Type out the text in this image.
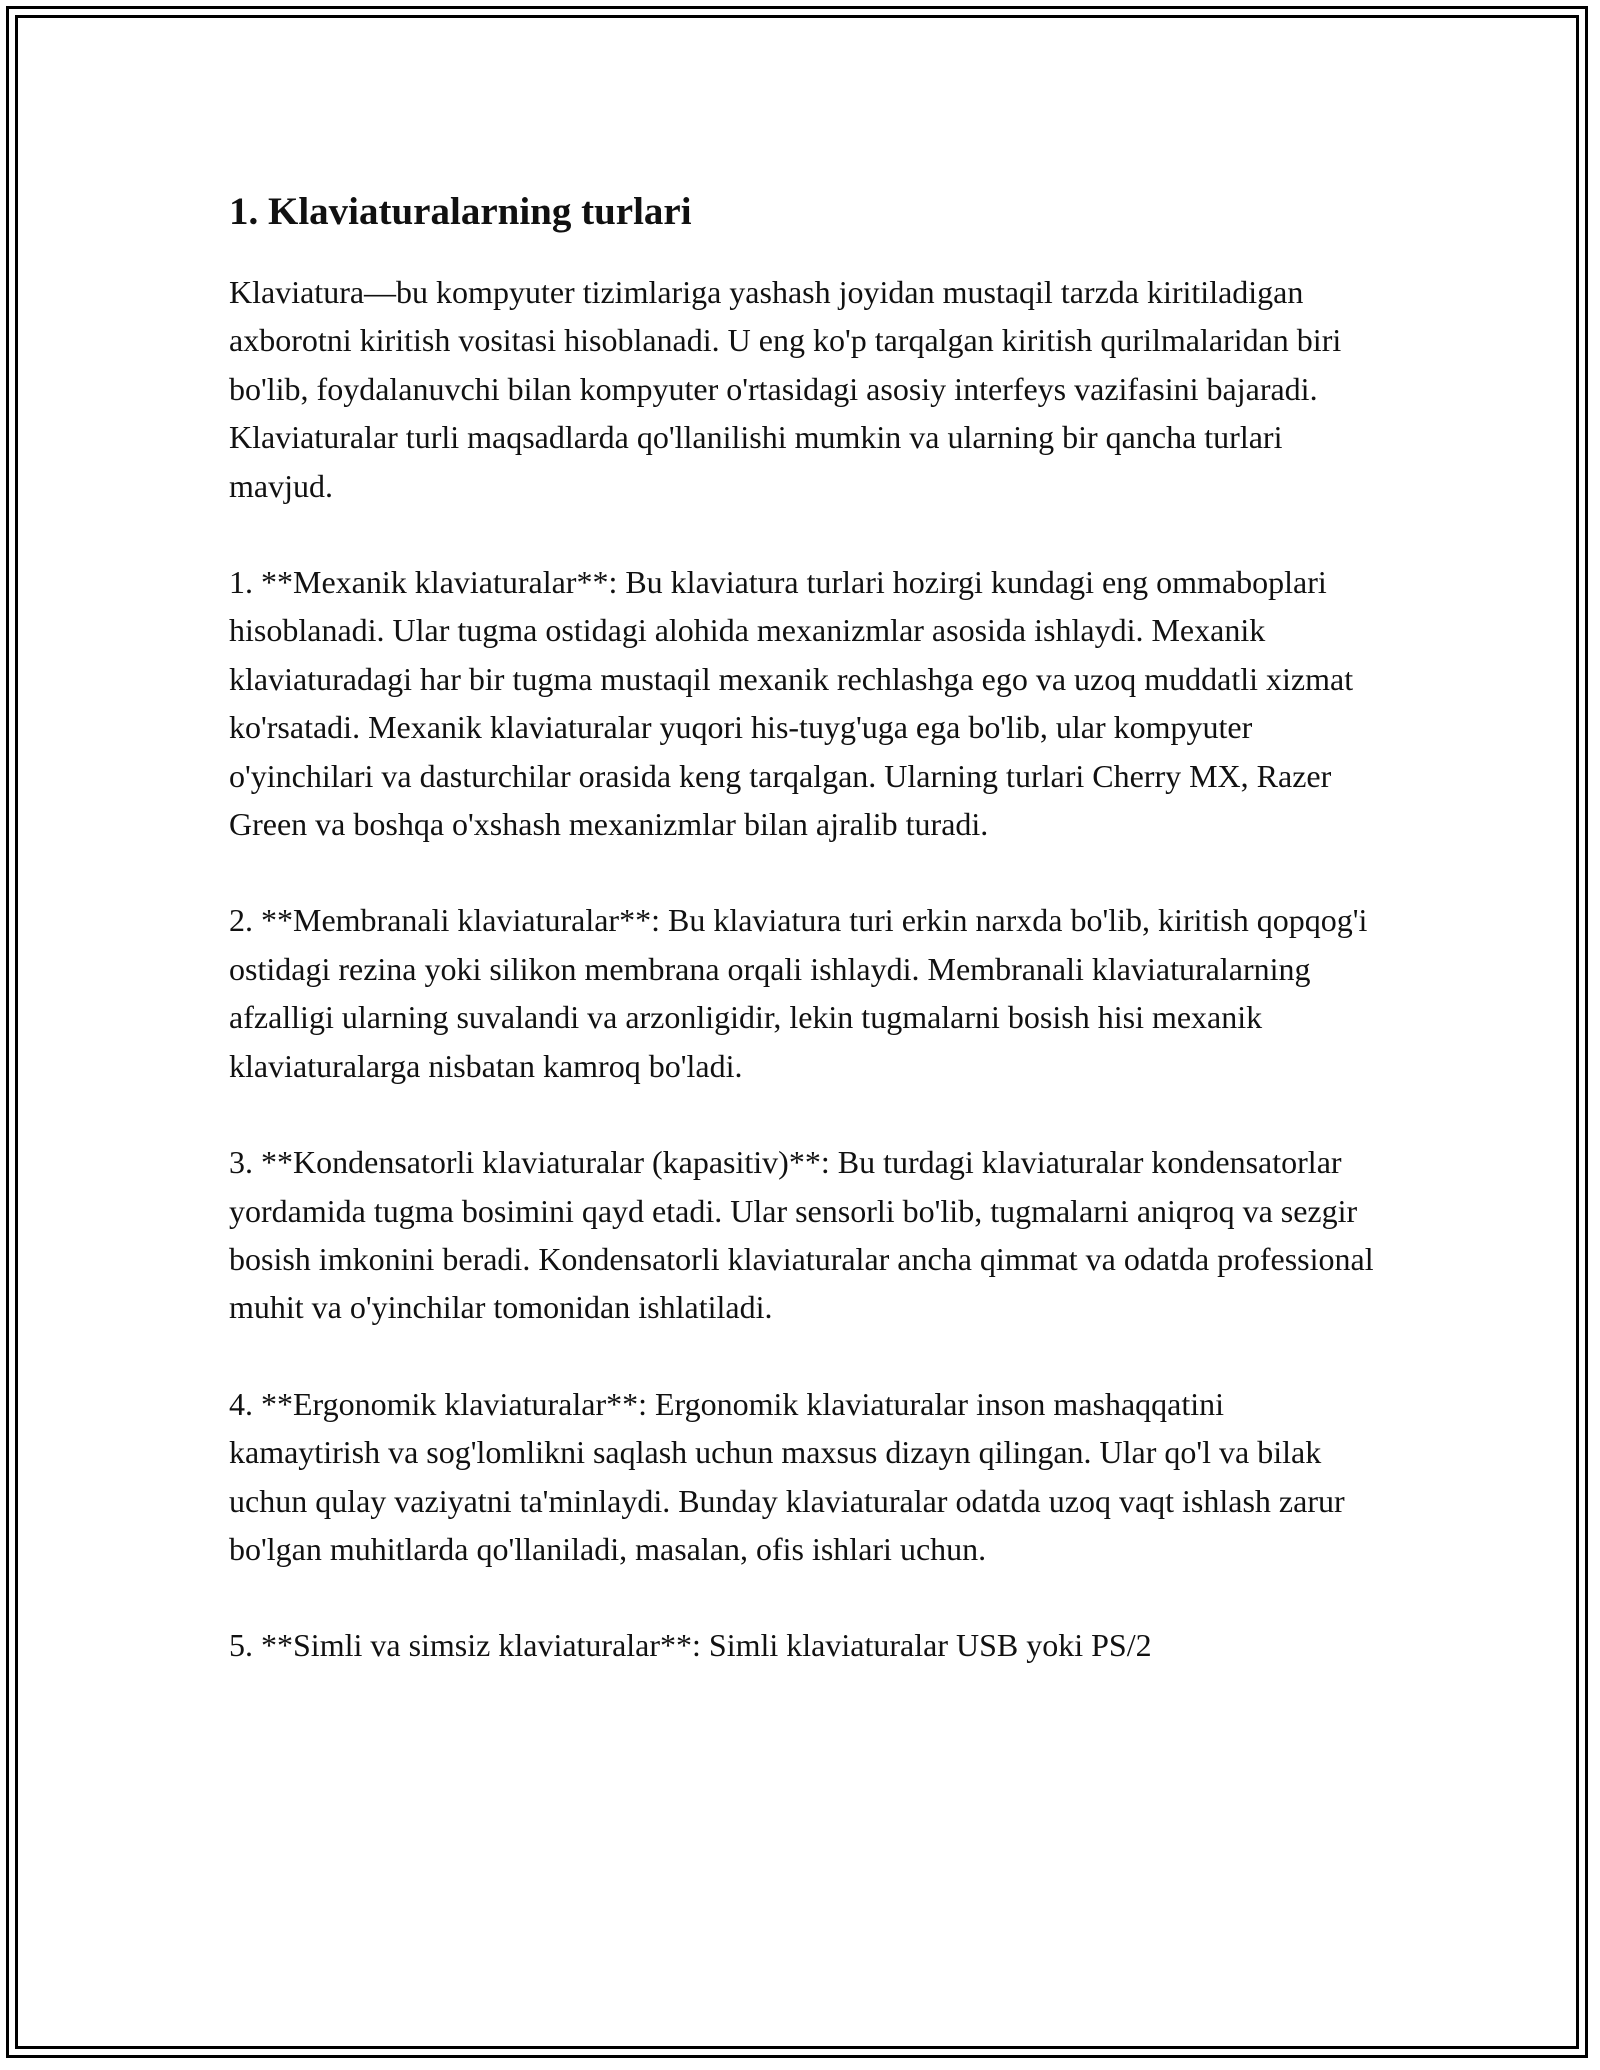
1. Klaviaturalarning turlari

Klaviatura—bu kompyuter tizimlariga yashash joyidan mustaqil tarzda kiritiladigan axborotni kiritish vositasi hisoblanadi. U eng ko'p tarqalgan kiritish qurilmalaridan biri bo'lib, foydalanuvchi bilan kompyuter o'rtasidagi asosiy interfeys vazifasini bajaradi. Klaviaturalar turli maqsadlarda qo'llanilishi mumkin va ularning bir qancha turlari mavjud.

1. **Mexanik klaviaturalar**: Bu klaviatura turlari hozirgi kundagi eng ommaboplari hisoblanadi. Ular tugma ostidagi alohida mexanizmlar asosida ishlaydi. Mexanik klaviaturadagi har bir tugma mustaqil mexanik rechlashga ego va uzoq muddatli xizmat ko'rsatadi. Mexanik klaviaturalar yuqori his-tuyg'uga ega bo'lib, ular kompyuter o'yinchilari va dasturchilar orasida keng tarqalgan. Ularning turlari Cherry MX, Razer Green va boshqa o'xshash mexanizmlar bilan ajralib turadi.

2. **Membranali klaviaturalar**: Bu klaviatura turi erkin narxda bo'lib, kiritish qopqog'i ostidagi rezina yoki silikon membrana orqali ishlaydi. Membranali klaviaturalarning afzalligi ularning suvalandi va arzonligidir, lekin tugmalarni bosish hisi mexanik klaviaturalarga nisbatan kamroq bo'ladi.

3. **Kondensatorli klaviaturalar (kapasitiv)**: Bu turdagi klaviaturalar kondensatorlar yordamida tugma bosimini qayd etadi. Ular sensorli bo'lib, tugmalarni aniqroq va sezgir bosish imkonini beradi. Kondensatorli klaviaturalar ancha qimmat va odatda professional muhit va o'yinchilar tomonidan ishlatiladi.

4. **Ergonomik klaviaturalar**: Ergonomik klaviaturalar inson mashaqqatini kamaytirish va sog'lomlikni saqlash uchun maxsus dizayn qilingan. Ular qo'l va bilak uchun qulay vaziyatni ta'minlaydi. Bunday klaviaturalar odatda uzoq vaqt ishlash zarur bo'lgan muhitlarda qo'llaniladi, masalan, ofis ishlari uchun.

5. **Simli va simsiz klaviaturalar**: Simli klaviaturalar USB yoki PS/2
